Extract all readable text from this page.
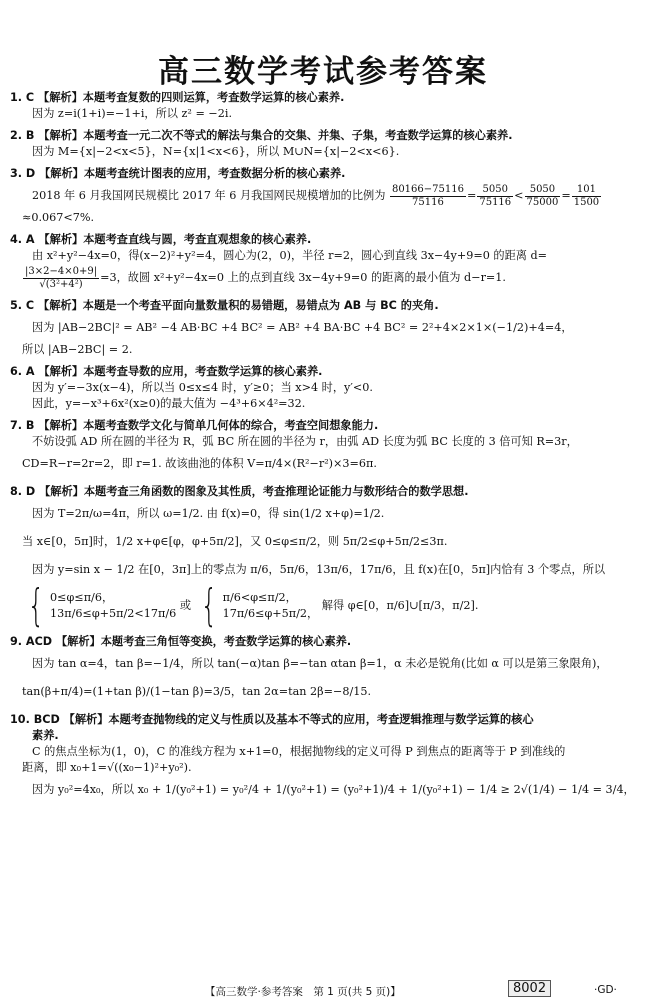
高三数学考试参考答案
1. C 【解析】本题考查复数的四则运算，考查数学运算的核心素养.
因为 z=i(1+i)=−1+i，所以 z² = −2i.
2. B 【解析】本题考查一元二次不等式的解法与集合的交集、并集、子集，考查数学运算的核心素养.
因为 M={x|−2<x<5}，N={x|1<x<6}，所以 M∪N={x|−2<x<6}.
3. D 【解析】本题考查统计图表的应用，考查数据分析的核心素养.
2018 年 6 月我国网民规模比 2017 年 6 月我国网民规模增加的比例为 $\frac{80166-75116}{75116} = \frac{5050}{75116} < \frac{5050}{75000} = \frac{101}{1500}$
≈0.067<7%.
4. A 【解析】本题考查直线与圆，考查直观想象的核心素养.
由 x²+y²−4x=0，得(x−2)²+y²=4，圆心为(2，0)，半径 r=2，圆心到直线 3x−4y+9=0 的距离 d=
$\frac{|3\times 2-4\times 0+9|}{\text{√(3²+4²)}} =3$，故圆 x²+y²−4x=0 上的点到直线 3x−4y+9=0 的距离的最小值为 d−r=1.
5. C 【解析】本题是一个考查平面向量数量积的易错题，易错点为 AB 与 BC 的夹角.
因为 |AB−2BC|² = AB² −4 AB·BC +4 BC² = AB² +4 BA·BC +4 BC² = 2²+4×2×1×(−1/2)+4=4，
所以 |AB−2BC| = 2.
6. A 【解析】本题考查导数的应用，考查数学运算的核心素养.
因为 y′=−3x(x−4)，所以当 0≤x≤4 时，y′≥0；当 x>4 时，y′<0.
因此，y=−x³+6x²(x≥0)的最大值为 −4³+6×4²=32.
7. B 【解析】本题考查数学文化与简单几何体的综合，考查空间想象能力.
不妨设弧 AD 所在圆的半径为 R，弧 BC 所在圆的半径为 r，由弧 AD 长度为弧 BC 长度的 3 倍可知 R=3r，
CD=R−r=2r=2，即 r=1. 故该曲池的体积 V=π/4×(R²−r²)×3=6π.
8. D 【解析】本题考查三角函数的图象及其性质，考查推理论证能力与数形结合的数学思想.
因为 T=2π/ω=4π，所以 ω=1/2. 由 f(x)=0，得 sin(1/2 x+φ)=1/2.
当 x∈[0，5π]时，1/2 x+φ∈[φ，φ+5π/2]，又 0≤φ≤π/2，则 5π/2≤φ+5π/2≤3π.
因为 y=sin x − 1/2 在[0，3π]上的零点为 π/6，5π/6，13π/6，17π/6，且 f(x)在[0，5π]内恰有 3 个零点，所以
{ 0≤φ≤π/6，
13π/6≤φ+5π/2<17π/6
或 { π/6<φ≤π/2，
17π/6≤φ+5π/2，
解得 φ∈[0，π/6]∪[π/3，π/2].
9. ACD 【解析】本题考查三角恒等变换，考查数学运算的核心素养.
因为 tan α=4，tan β=−1/4，所以 tan(−α)tan β=−tan αtan β=1，α 未必是锐角(比如 α 可以是第三象限角)，
tan(β+π/4)=(1+tan β)/(1−tan β)=3/5，tan 2α=tan 2β=−8/15.
10. BCD 【解析】本题考查抛物线的定义与性质以及基本不等式的应用，考查逻辑推理与数学运算的核心
素养.
C 的焦点坐标为(1，0)，C 的准线方程为 x+1=0，根据抛物线的定义可得 P 到焦点的距离等于 P 到准线的
距离，即 x₀+1=√((x₀−1)²+y₀²).
因为 y₀²=4x₀，所以 x₀ + 1/(y₀²+1) = y₀²/4 + 1/(y₀²+1) = (y₀²+1)/4 + 1/(y₀²+1) − 1/4 ≥ 2√(1/4) − 1/4 = 3/4，
【高三数学·参考答案　第 1 页(共 5 页)】	8002	·GD·
